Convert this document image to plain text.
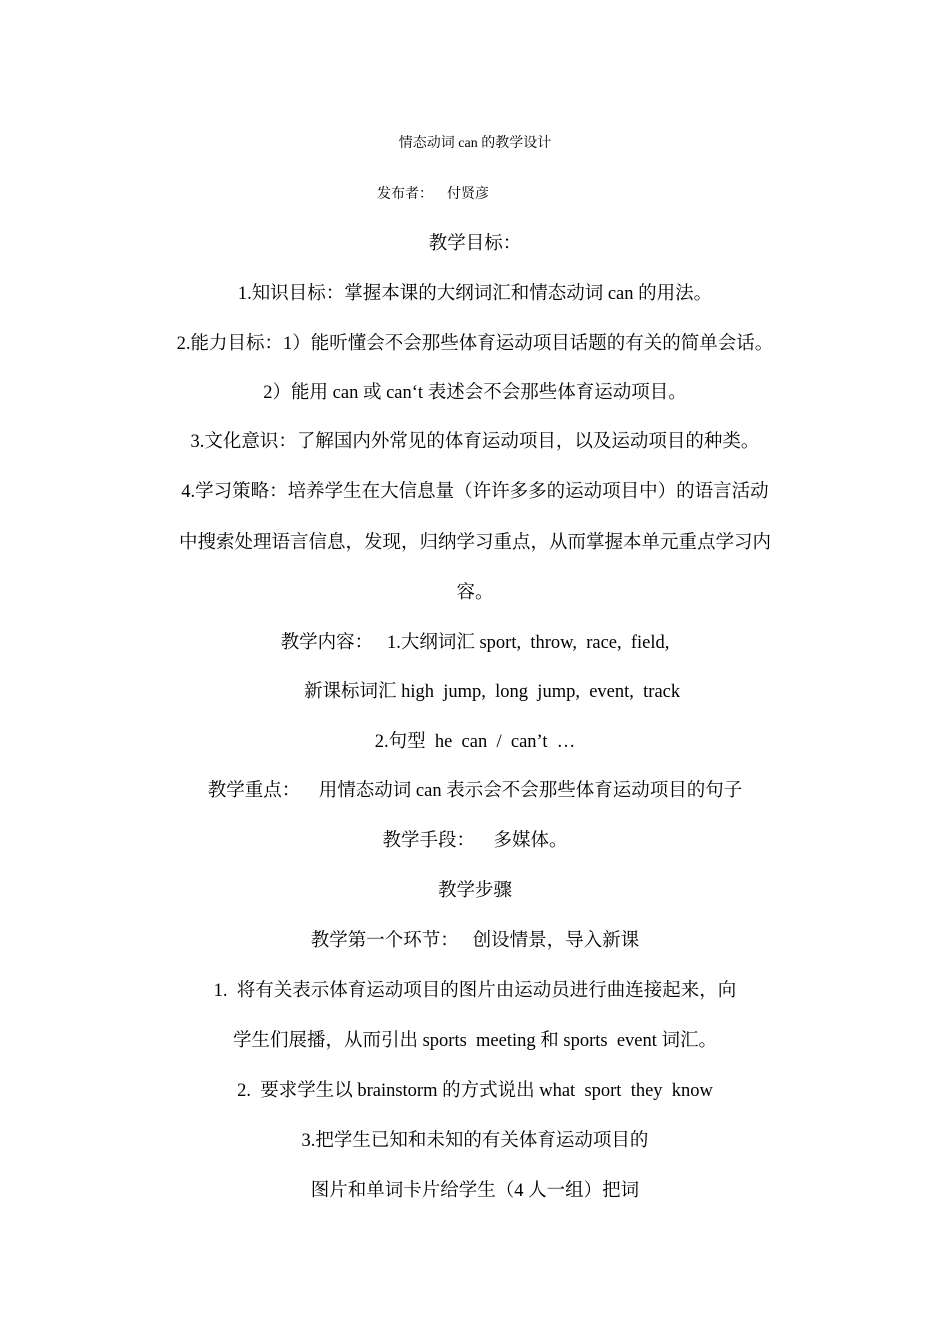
情态动词 can 的教学设计
发布者： 付贤彦
教学目标：
1.知识目标：掌握本课的大纲词汇和情态动词 can 的用法。
2.能力目标：1）能听懂会不会那些体育运动项目话题的有关的简单会话。
2）能用 can 或 can‘t 表述会不会那些体育运动项目。
3.文化意识：了解国内外常见的体育运动项目，以及运动项目的种类。
4.学习策略：培养学生在大信息量（许许多多的运动项目中）的语言活动
中搜索处理语言信息，发现，归纳学习重点，从而掌握本单元重点学习内
容。
教学内容：   1.大纲词汇 sport,  throw,  race,  field,
新课标词汇 high  jump,  long  jump,  event,  track
2.句型  he  can  /  can’t  …
教学重点：    用情态动词 can 表示会不会那些体育运动项目的句子
教学手段：    多媒体。
教学步骤
教学第一个环节：   创设情景，导入新课
1.  将有关表示体育运动项目的图片由运动员进行曲连接起来，向
学生们展播，从而引出 sports  meeting 和 sports  event 词汇。
2.  要求学生以 brainstorm 的方式说出 what  sport  they  know
3.把学生已知和未知的有关体育运动项目的
图片和单词卡片给学生（4 人一组）把词
